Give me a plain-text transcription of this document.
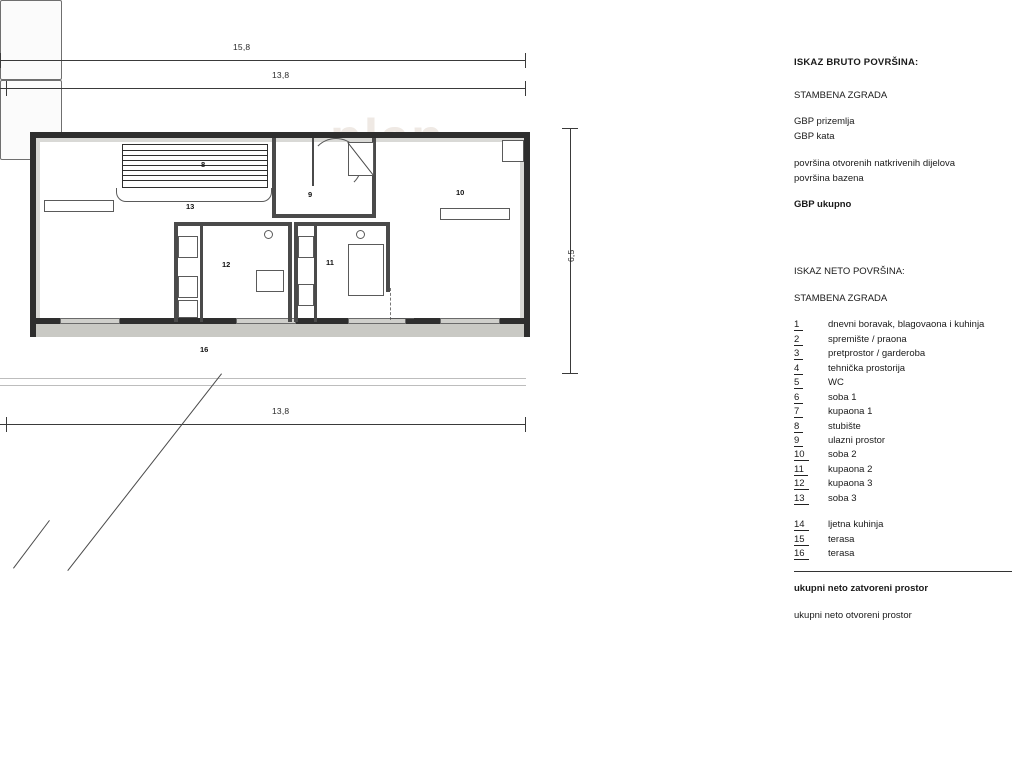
15,8
13,8
6,5
13,8
16
8
9
13
10
12	11
ISKAZ BRUTO POVRŠINA:
STAMBENA ZGRADA
GBP prizemlja
GBP kata
površina otvorenih natkrivenih dijelova
površina bazena
GBP ukupno
ISKAZ NETO POVRŠINA:
STAMBENA ZGRADA
1	dnevni boravak, blagovaona i kuhinja
2	spremište / praona
3	pretprostor / garderoba
4	tehnička prostorija
5	WC
6	soba 1
7	kupaona 1
8	stubište
9	ulazni prostor
10	soba 2
11	kupaona 2
12	kupaona 3
13	soba 3
14	ljetna kuhinja
15	terasa
16	terasa
ukupni neto zatvoreni prostor
ukupni neto otvoreni prostor
